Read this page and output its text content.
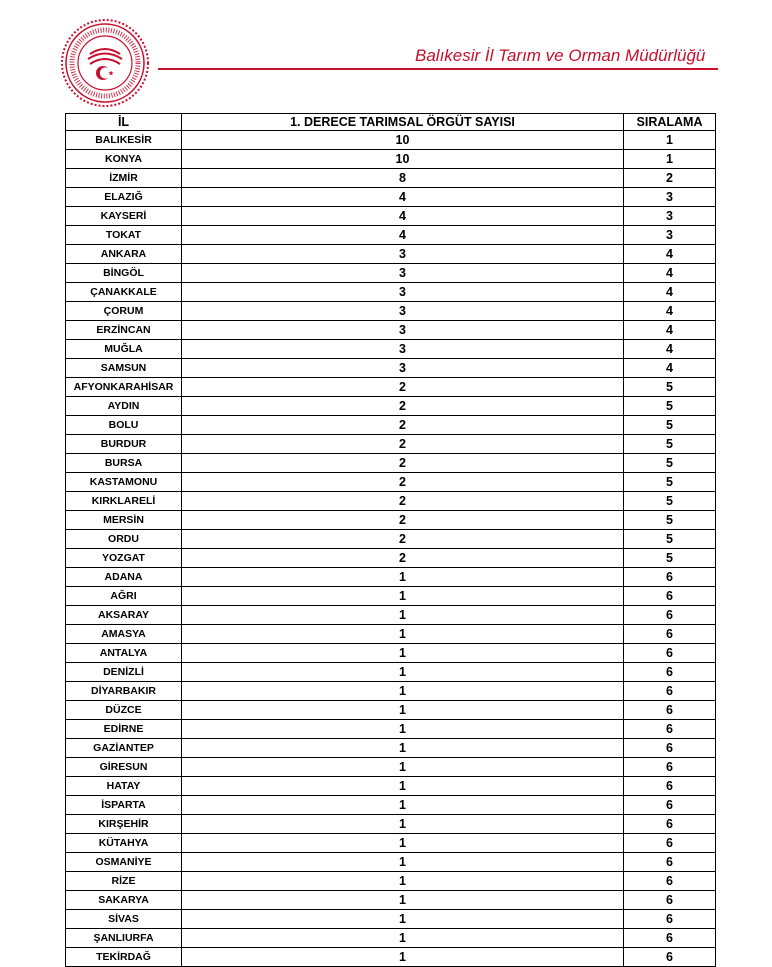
Balıkesir İl Tarım ve Orman Müdürlüğü
İL	1. DERECE TARIMSAL ÖRGÜT SAYISI	SIRALAMA
BALIKESİR	10	1
KONYA	10	1
İZMİR	8	2
ELAZIĞ	4	3
KAYSERİ	4	3
TOKAT	4	3
ANKARA	3	4
BİNGÖL	3	4
ÇANAKKALE	3	4
ÇORUM	3	4
ERZİNCAN	3	4
MUĞLA	3	4
SAMSUN	3	4
AFYONKARAHİSAR	2	5
AYDIN	2	5
BOLU	2	5
BURDUR	2	5
BURSA	2	5
KASTAMONU	2	5
KIRKLARELİ	2	5
MERSİN	2	5
ORDU	2	5
YOZGAT	2	5
ADANA	1	6
AĞRI	1	6
AKSARAY	1	6
AMASYA	1	6
ANTALYA	1	6
DENİZLİ	1	6
DİYARBAKIR	1	6
DÜZCE	1	6
EDİRNE	1	6
GAZİANTEP	1	6
GİRESUN	1	6
HATAY	1	6
İSPARTA	1	6
KIRŞEHİR	1	6
KÜTAHYA	1	6
OSMANİYE	1	6
RİZE	1	6
SAKARYA	1	6
SİVAS	1	6
ŞANLIURFA	1	6
TEKİRDAĞ	1	6
